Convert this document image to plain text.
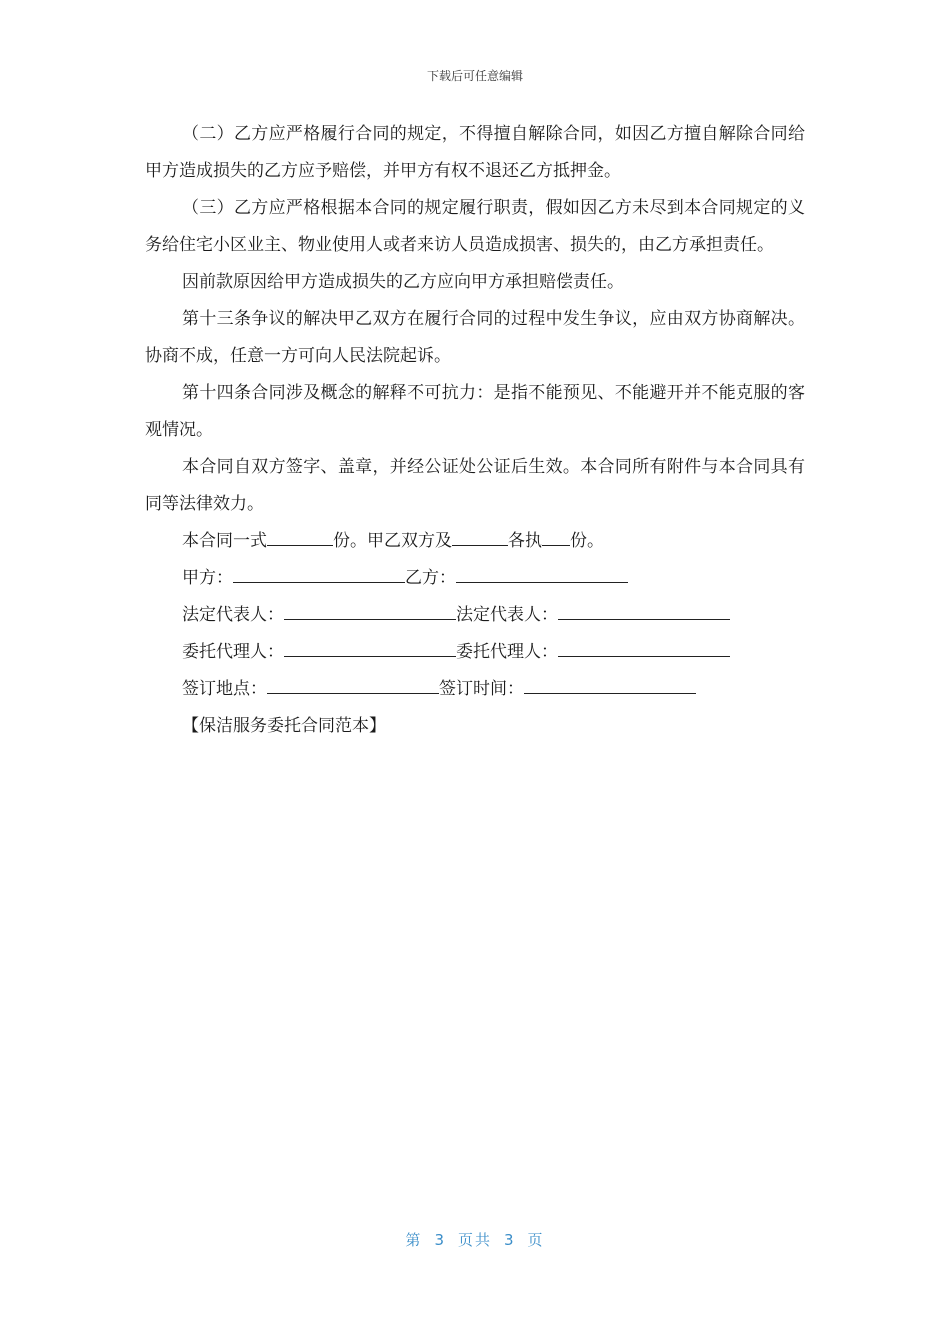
下载后可任意编辑

（二）乙方应严格履行合同的规定，不得擅自解除合同，如因乙方擅自解除合同给甲方造成损失的乙方应予赔偿，并甲方有权不退还乙方抵押金。

（三）乙方应严格根据本合同的规定履行职责，假如因乙方未尽到本合同规定的义务给住宅小区业主、物业使用人或者来访人员造成损害、损失的，由乙方承担责任。

因前款原因给甲方造成损失的乙方应向甲方承担赔偿责任。

第十三条争议的解决甲乙双方在履行合同的过程中发生争议，应由双方协商解决。协商不成，任意一方可向人民法院起诉。

第十四条合同涉及概念的解释不可抗力：是指不能预见、不能避开并不能克服的客观情况。

本合同自双方签字、盖章，并经公证处公证后生效。本合同所有附件与本合同具有同等法律效力。

本合同一式	份。甲乙双方及	各执 份。

甲方：	乙方：

法定代表人：	法定代表人：

委托代理人：	委托代理人：

签订地点：	签订时间：

【保洁服务委托合同范本】

第 3 页共 3 页
